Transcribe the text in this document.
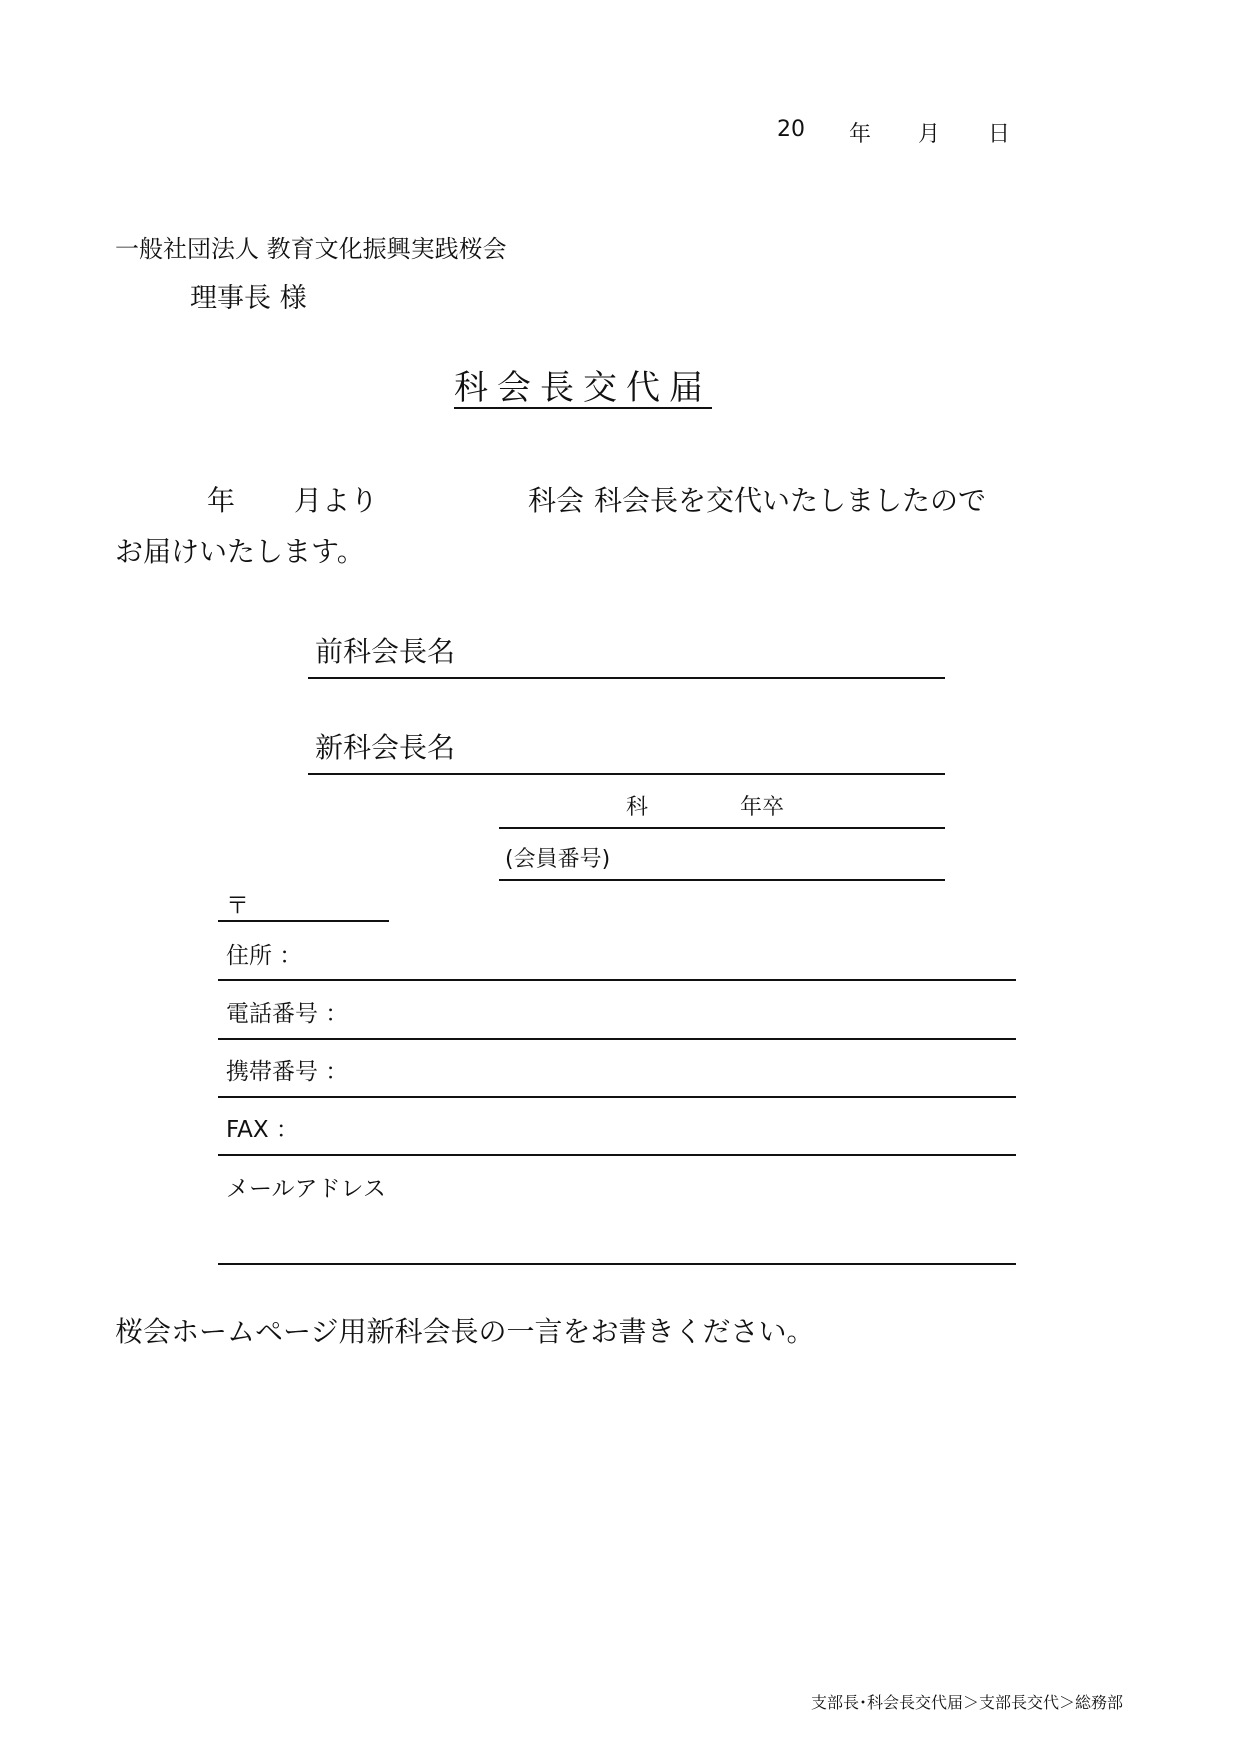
20 年 月 日
一般社団法人 教育文化振興実践桜会
理事長 様
科会長交代届
年 月より	科会 科会長を交代いたしましたので
お届けいたします。
前科会長名
新科会長名
科	年卒
(会員番号)
〒
住所 ：
電話番号 ：
携帯番号 ：
FAX ：
メールアドレス
桜会ホームページ用新科会長の一言をお書きください。
支部長･科会長交代届＞支部長交代＞総務部
